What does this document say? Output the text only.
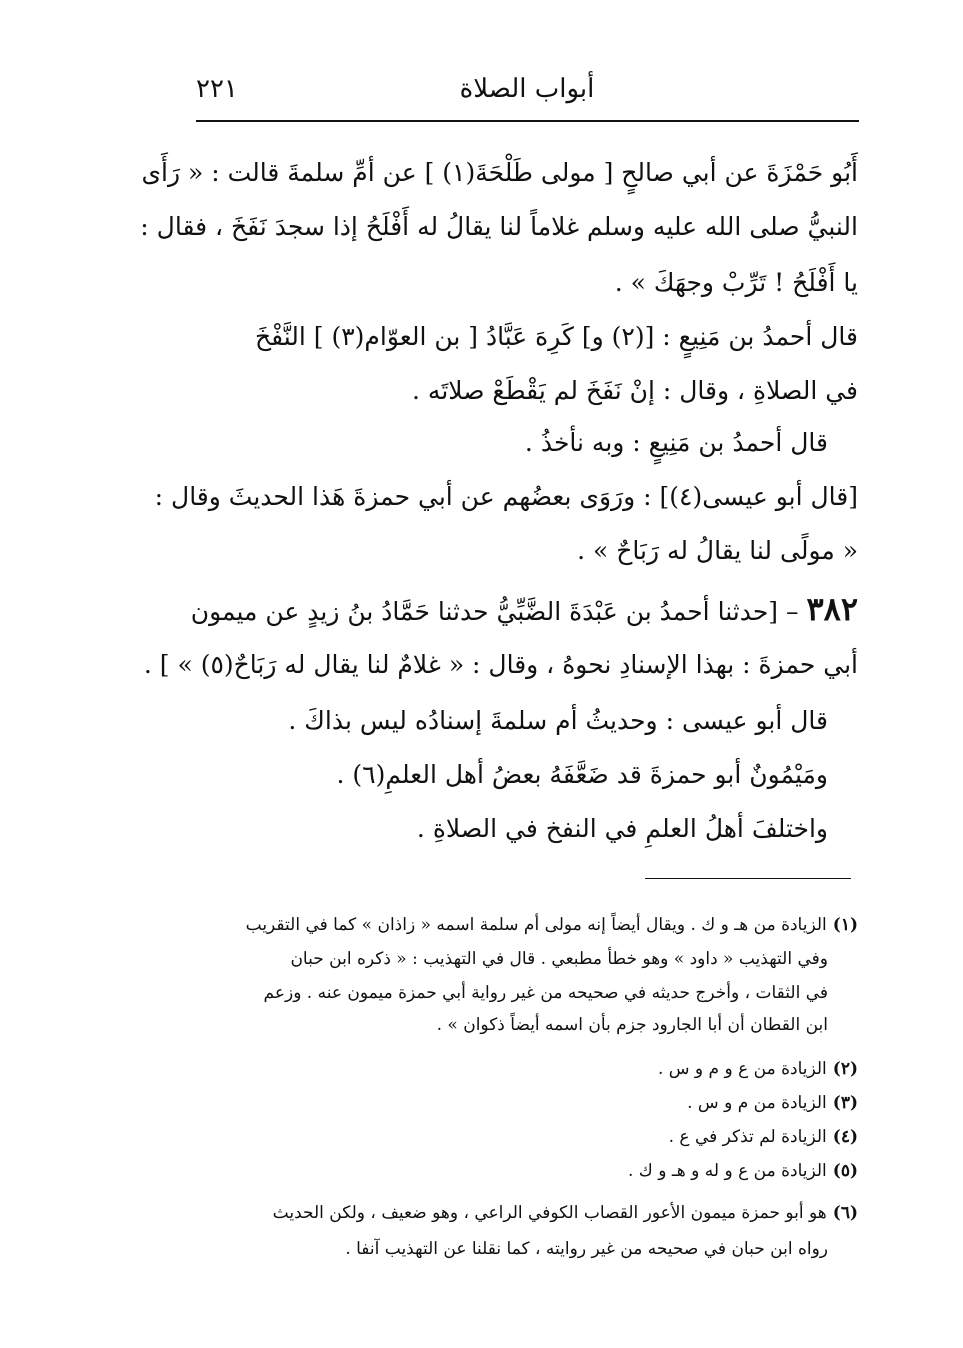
أبواب الصلاة
٢٢١
أَبُو حَمْزَةَ عن أبي صالحٍ [ مولى طَلْحَةَ(١) ] عن أمِّ سلمةَ قالت : « رَأَى
النبيُّ صلى الله عليه وسلم غلاماً لنا يقالُ له أَفْلَحُ إذا سجدَ نَفَخَ ، فقال :
يا أَفْلَحُ ! تَرِّبْ وجهَكَ » .
قال أحمدُ بن مَنِيعٍ : [(٢) و] كَرِهَ عَبَّادُ [ بن العوّام(٣) ] النَّفْخَ
في الصلاةِ ، وقال : إنْ نَفَخَ لم يَقْطَعْ صلاتَه .
قال أحمدُ بن مَنِيعٍ : وبه نأخذُ .
[قال أبو عيسى(٤)] : ورَوَى بعضُهم عن أبي حمزةَ هَذا الحديثَ وقال :
« مولًى لنا يقالُ له رَبَاحٌ » .
٣٨٢ – [حدثنا أحمدُ بن عَبْدَةَ الضَّبِّيُّ حدثنا حَمَّادُ بنُ زيدٍ عن ميمون
أبي حمزةَ : بهذا الإسنادِ نحوهُ ، وقال : « غلامٌ لنا يقال له رَبَاحٌ(٥) » ] .
قال أبو عيسى : وحديثُ أم سلمةَ إسنادُه ليس بذاكَ .
ومَيْمُونٌ أبو حمزةَ قد ضَعَّفَهُ بعضُ أهل العلمِ(٦) .
واختلفَ أهلُ العلمِ في النفخ في الصلاةِ .
(١)الزيادة من هـ و ك . ويقال أيضاً إنه مولى أم سلمة اسمه « زاذان » كما في التقريب
وفي التهذيب « داود » وهو خطأ مطبعي . قال في التهذيب : « ذكره ابن حبان
في الثقات ، وأخرج حديثه في صحيحه من غير رواية أبي حمزة ميمون عنه . وزعم
ابن القطان أن أبا الجارود جزم بأن اسمه أيضاً ذكوان » .
(٢)الزيادة من ع و م و س .
(٣)الزيادة من م و س .
(٤)الزيادة لم تذكر في ع .
(٥)الزيادة من ع و له و هـ و ك .
(٦)هو أبو حمزة ميمون الأعور القصاب الكوفي الراعي ، وهو ضعيف ، ولكن الحديث
رواه ابن حبان في صحيحه من غير روايته ، كما نقلنا عن التهذيب آنفا .
